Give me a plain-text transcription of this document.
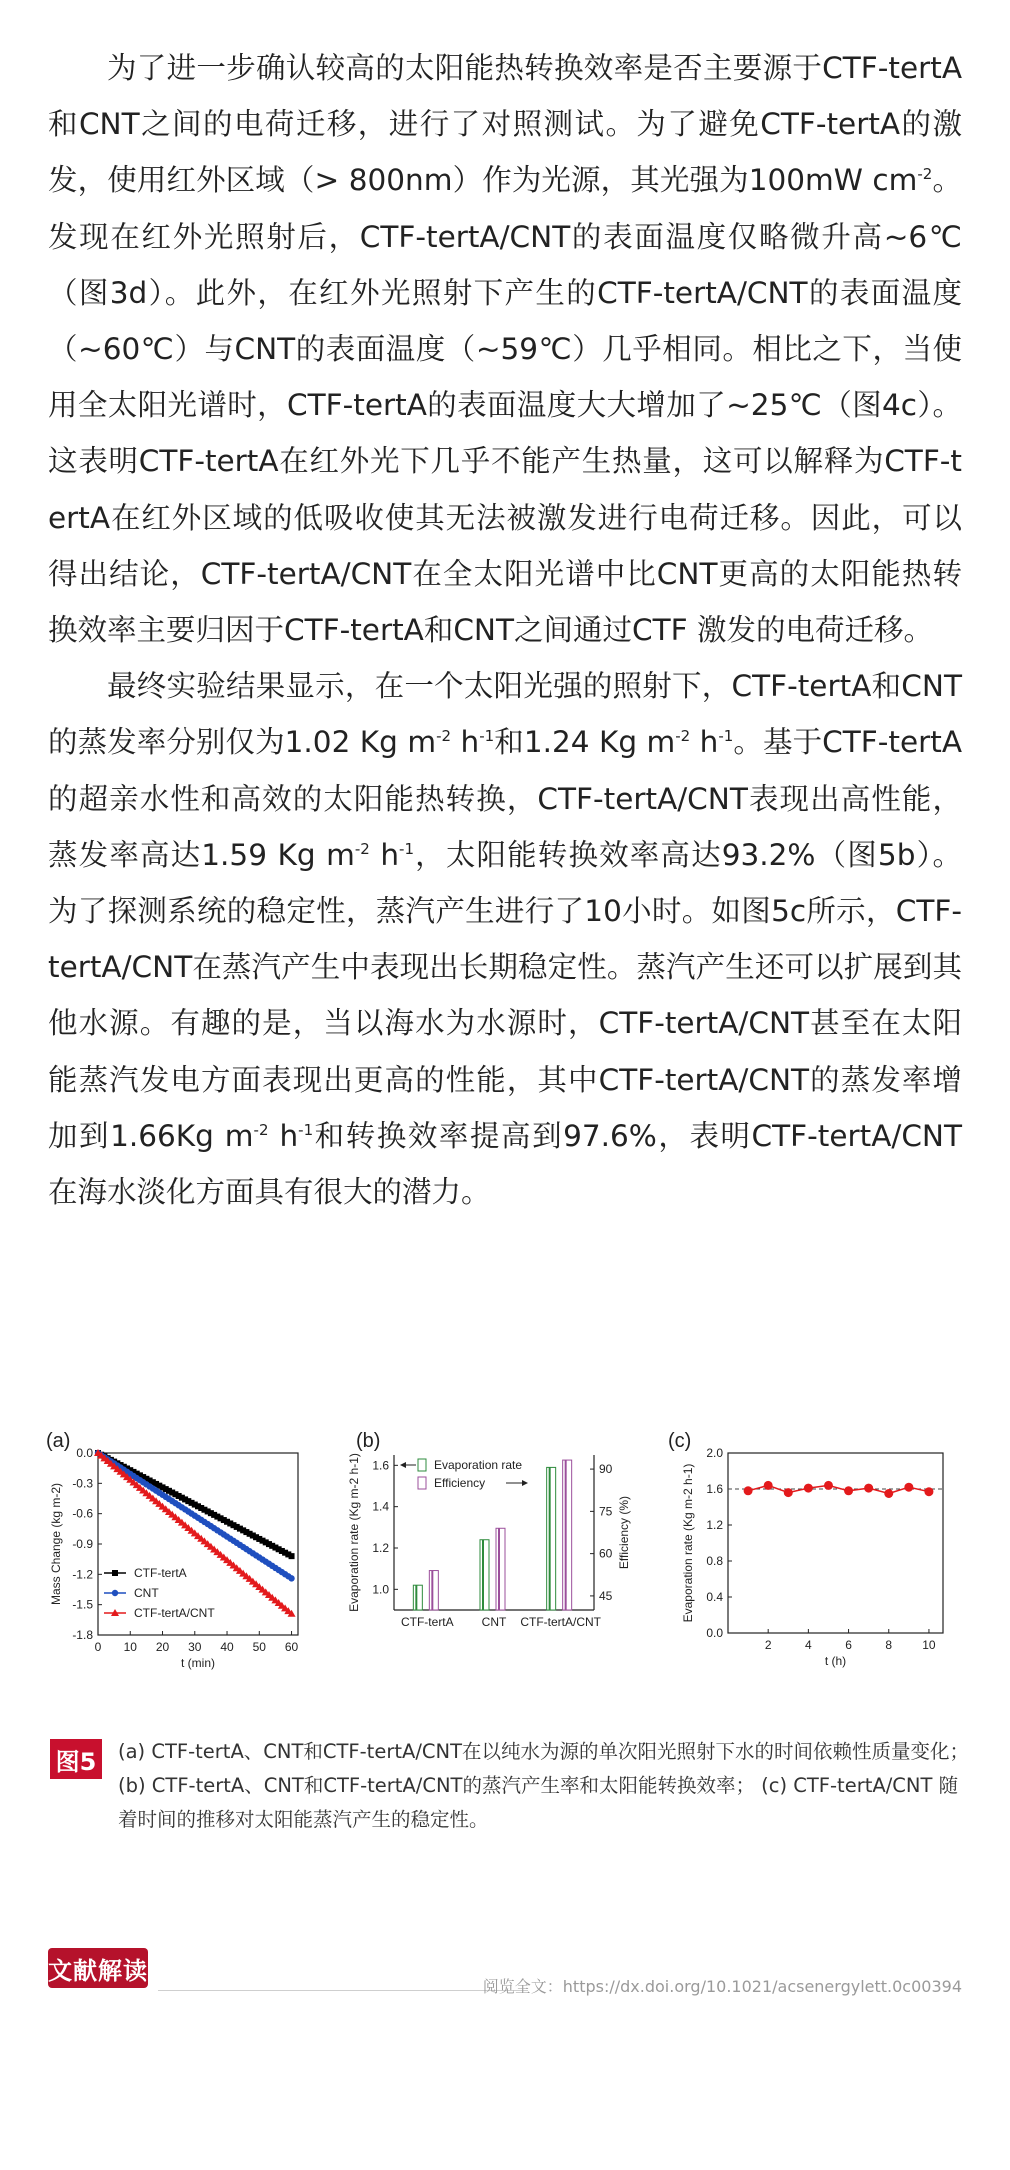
为了进一步确认较高的太阳能热转换效率是否主要源于CTF-tertA和CNT之间的电荷迁移，进行了对照测试。为了避免CTF-tertA的激发，使用红外区域（> 800nm）作为光源，其光强为100mW $cm^{-2}$。发现在红外光照射后，CTF-tertA/CNT的表面温度仅略微升高~6℃（图3d）。此外，在红外光照射下产生的CTF-tertA/CNT的表面温度（~60℃）与CNT的表面温度（~59℃）几乎相同。相比之下，当使用全太阳光谱时，CTF-tertA的表面温度大大增加了~25℃（图4c）。这表明CTF-tertA在红外光下几乎不能产生热量，这可以解释为CTF-tertA在红外区域的低吸收使其无法被激发进行电荷迁移。因此，可以得出结论，CTF-tertA/CNT在全太阳光谱中比CNT更高的太阳能热转换效率主要归因于CTF-tertA和CNT之间通过CTF 激发的电荷迁移。

最终实验结果显示，在一个太阳光强的照射下，CTF-tertA和CNT的蒸发率分别仅为1.02 Kg $m^{-2}$ $h^{-1}$和1.24 Kg $m^{-2}$ $h^{-1}$。基于CTF-tertA的超亲水性和高效的太阳能热转换，CTF-tertA/CNT表现出高性能，蒸发率高达1.59 Kg $m^{-2}$ $h^{-1}$，太阳能转换效率高达93.2%（图5b）。为了探测系统的稳定性，蒸汽产生进行了10小时。如图5c所示，CTF-tertA/CNT在蒸汽产生中表现出长期稳定性。蒸汽产生还可以扩展到其他水源。有趣的是，当以海水为水源时，CTF-tertA/CNT甚至在太阳能蒸汽发电方面表现出更高的性能，其中CTF-tertA/CNT的蒸发率增加到1.66Kg $m^{-2}$ $h^{-1}$和转换效率提高到97.6%，表明CTF-tertA/CNT在海水淡化方面具有很大的潜力。

(a)	(b)	(c)
0 10 20 30 40 50 60
0.0
-0.3
-0.6
-0.9
-1.2
-1.5
-1.8
t (min)
Mass Change (kg m-2)	CTF-tertA
CNT
CTF-tertA/CNT
1.0
1.2
1.4
1.6
45
60
75
90
Evaporation rate (Kg m-2 h-1)	Efficiency (%)
CTF-tertA CNT CTF-tertA/CNT
Evaporation rate
Efficiency
2	4	6	8	10
0.0
0.4
0.8
1.2
1.6
2.0
t (h)
Evaporation rate (Kg m-2 h-1)
图5 (a) CTF-tertA、CNT和CTF-tertA/CNT在以纯水为源的单次阳光照射下水的时间依赖性质量变化；(b) CTF-tertA、CNT和CTF-tertA/CNT的蒸汽产生率和太阳能转换效率； (c) CTF-tertA/CNT 随着时间的推移对太阳能蒸汽产生的稳定性。
文献解读
阅览全文：https://dx.doi.org/10.1021/acsenergylett.0c00394
